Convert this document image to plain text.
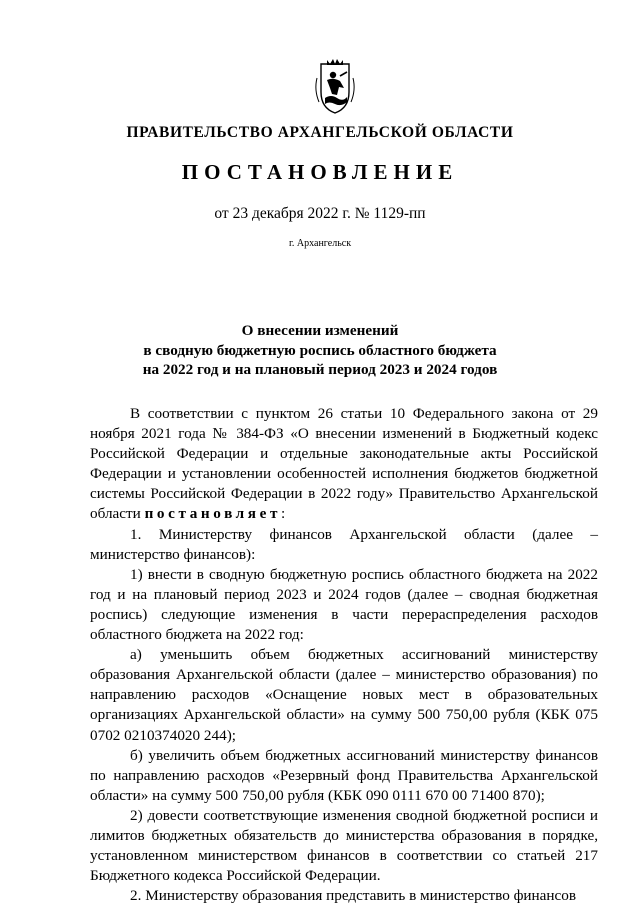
ПРАВИТЕЛЬСТВО АРХАНГЕЛЬСКОЙ ОБЛАСТИ
ПОСТАНОВЛЕНИЕ
от 23 декабря 2022 г. № 1129-пп
г. Архангельск
О внесении изменений
в сводную бюджетную роспись областного бюджета
на 2022 год и на плановый период 2023 и 2024 годов

В соответствии с пунктом 26 статьи 10 Федерального закона от 29 ноября 2021 года № 384-ФЗ «О внесении изменений в Бюджетный кодекс Российской Федерации и отдельные законодательные акты Российской Федерации и установлении особенностей исполнения бюджетов бюджетной системы Российской Федерации в 2022 году» Правительство Архангельской области постановляет:

1. Министерству финансов Архангельской области (далее – министерство финансов):

1) внести в сводную бюджетную роспись областного бюджета на 2022 год и на плановый период 2023 и 2024 годов (далее – сводная бюджетная роспись) следующие изменения в части перераспределения расходов областного бюджета на 2022 год:

а) уменьшить объем бюджетных ассигнований министерству образования Архангельской области (далее – министерство образования) по направлению расходов «Оснащение новых мест в образовательных организациях Архангельской области» на сумму 500 750,00 рубля (КБК 075 0702 0210374020 244);

б) увеличить объем бюджетных ассигнований министерству финансов по направлению расходов «Резервный фонд Правительства Архангельской области» на сумму 500 750,00 рубля (КБК 090 0111 670 00 71400 870);

2) довести соответствующие изменения сводной бюджетной росписи и лимитов бюджетных обязательств до министерства образования в порядке, установленном министерством финансов в соответствии со статьей 217 Бюджетного кодекса Российской Федерации.

2. Министерству образования представить в министерство финансов
